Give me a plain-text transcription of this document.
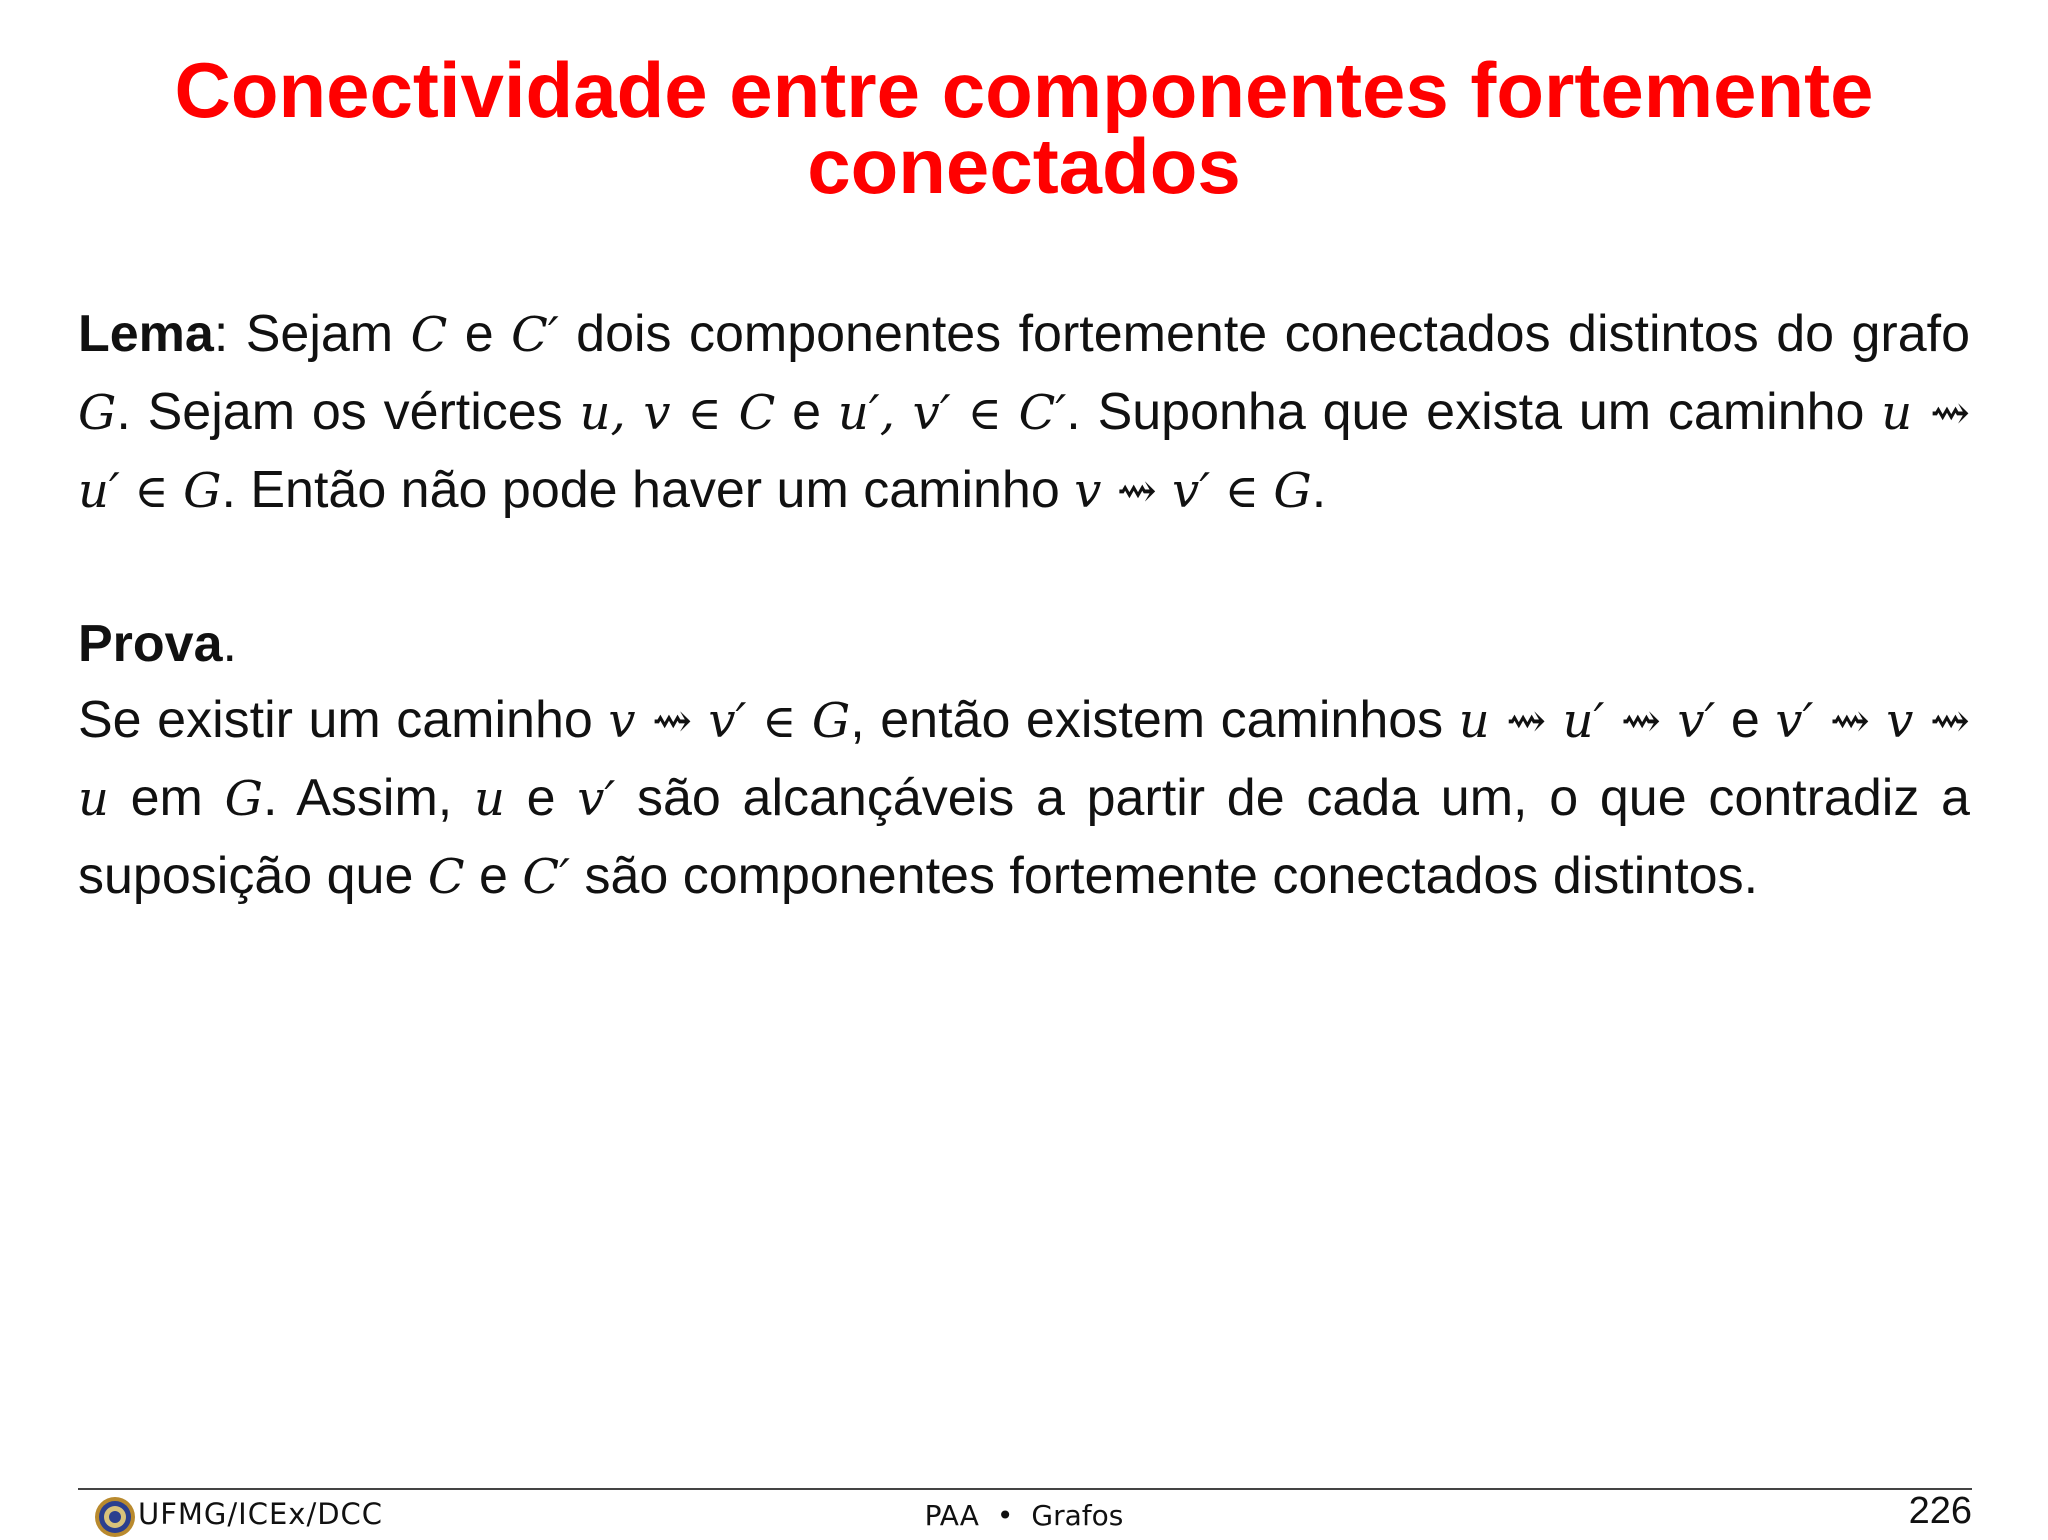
Conectividade entre componentes fortemente
conectados
Lema: Sejam C e C′ dois componentes fortemente conectados distintos do grafo G. Sejam os vértices u, v ∈ C e u′, v′ ∈ C′. Suponha que exista um caminho u ⇝ u′ ∈ G. Então não pode haver um caminho v ⇝ v′ ∈ G.
Prova.
Se existir um caminho v ⇝ v′ ∈ G, então existem caminhos u ⇝ u′ ⇝ v′ e v′ ⇝ v ⇝ u em G. Assim, u e v′ são alcançáveis a partir de cada um, o que contradiz a suposição que C e C′ são componentes fortemente conectados distintos.
UFMG/ICEx/DCC	PAA • Grafos	226
